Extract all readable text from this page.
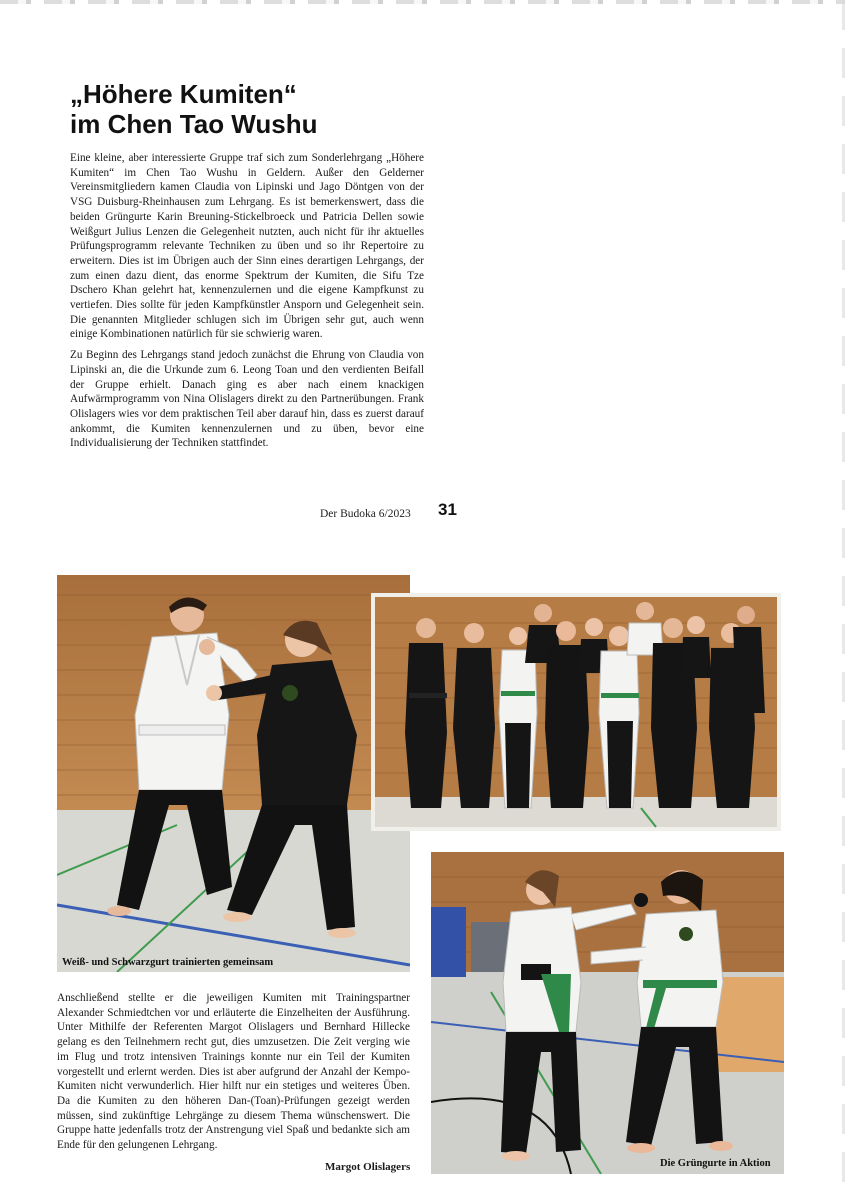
„Höhere Kumiten“
im Chen Tao Wushu

Eine kleine, aber interessierte Gruppe traf sich zum Sonderlehrgang „Höhere Kumiten“ im Chen Tao Wushu in Geldern. Außer den Gelderner Vereinsmitgliedern kamen Claudia von Lipinski und Jago Döntgen von der VSG Duisburg-Rheinhausen zum Lehrgang. Es ist bemerkenswert, dass die beiden Grüngurte Karin Breuning-Stickelbroeck und Patricia Dellen sowie Weißgurt Julius Lenzen die Gelegenheit nutzten, auch nicht für ihr aktuelles Prüfungsprogramm relevante Techniken zu üben und so ihr Repertoire zu erweitern. Dies ist im Übrigen auch der Sinn eines derartigen Lehrgangs, der zum einen dazu dient, das enorme Spektrum der Kumiten, die Sifu Tze Dschero Khan gelehrt hat, kennenzulernen und die eigene Kampfkunst zu vertiefen. Dies sollte für jeden Kampfkünstler Ansporn und Gelegenheit sein. Die genannten Mitglieder schlugen sich im Übrigen sehr gut, auch wenn einige Kombinationen natürlich für sie schwierig waren.

Zu Beginn des Lehrgangs stand jedoch zunächst die Ehrung von Claudia von Lipinski an, die die Urkunde zum 6. Leong Toan und den verdienten Beifall der Gruppe erhielt. Danach ging es aber nach einem knackigen Aufwärmprogramm von Nina Olislagers direkt zu den Partnerübungen. Frank Olislagers wies vor dem praktischen Teil aber darauf hin, dass es zuerst darauf ankommt, die Kumiten kennenzulernen und zu üben, bevor eine Individualisierung der Techniken stattfindet.

Der Budoka 6/2023 31
Weiß- und Schwarzgurt trainierten gemeinsam
Die Grüngurte in Aktion

Anschließend stellte er die jeweiligen Kumiten mit Trainingspartner Alexander Schmiedtchen vor und erläuterte die Einzelheiten der Ausführung. Unter Mithilfe der Referenten Margot Olislagers und Bernhard Hillecke gelang es den Teilnehmern recht gut, dies umzusetzen. Die Zeit verging wie im Flug und trotz intensiven Trainings konnte nur ein Teil der Kumiten vorgestellt und erlernt werden. Dies ist aber aufgrund der Anzahl der Kempo-Kumiten nicht verwunderlich. Hier hilft nur ein stetiges und weiteres Üben. Da die Kumiten zu den höheren Dan-(Toan)-Prüfungen gezeigt werden müssen, sind zukünftige Lehrgänge zu diesem Thema wünschenswert. Die Gruppe hatte jedenfalls trotz der Anstrengung viel Spaß und bedankte sich am Ende für den gelungenen Lehrgang.

Margot Olislagers
